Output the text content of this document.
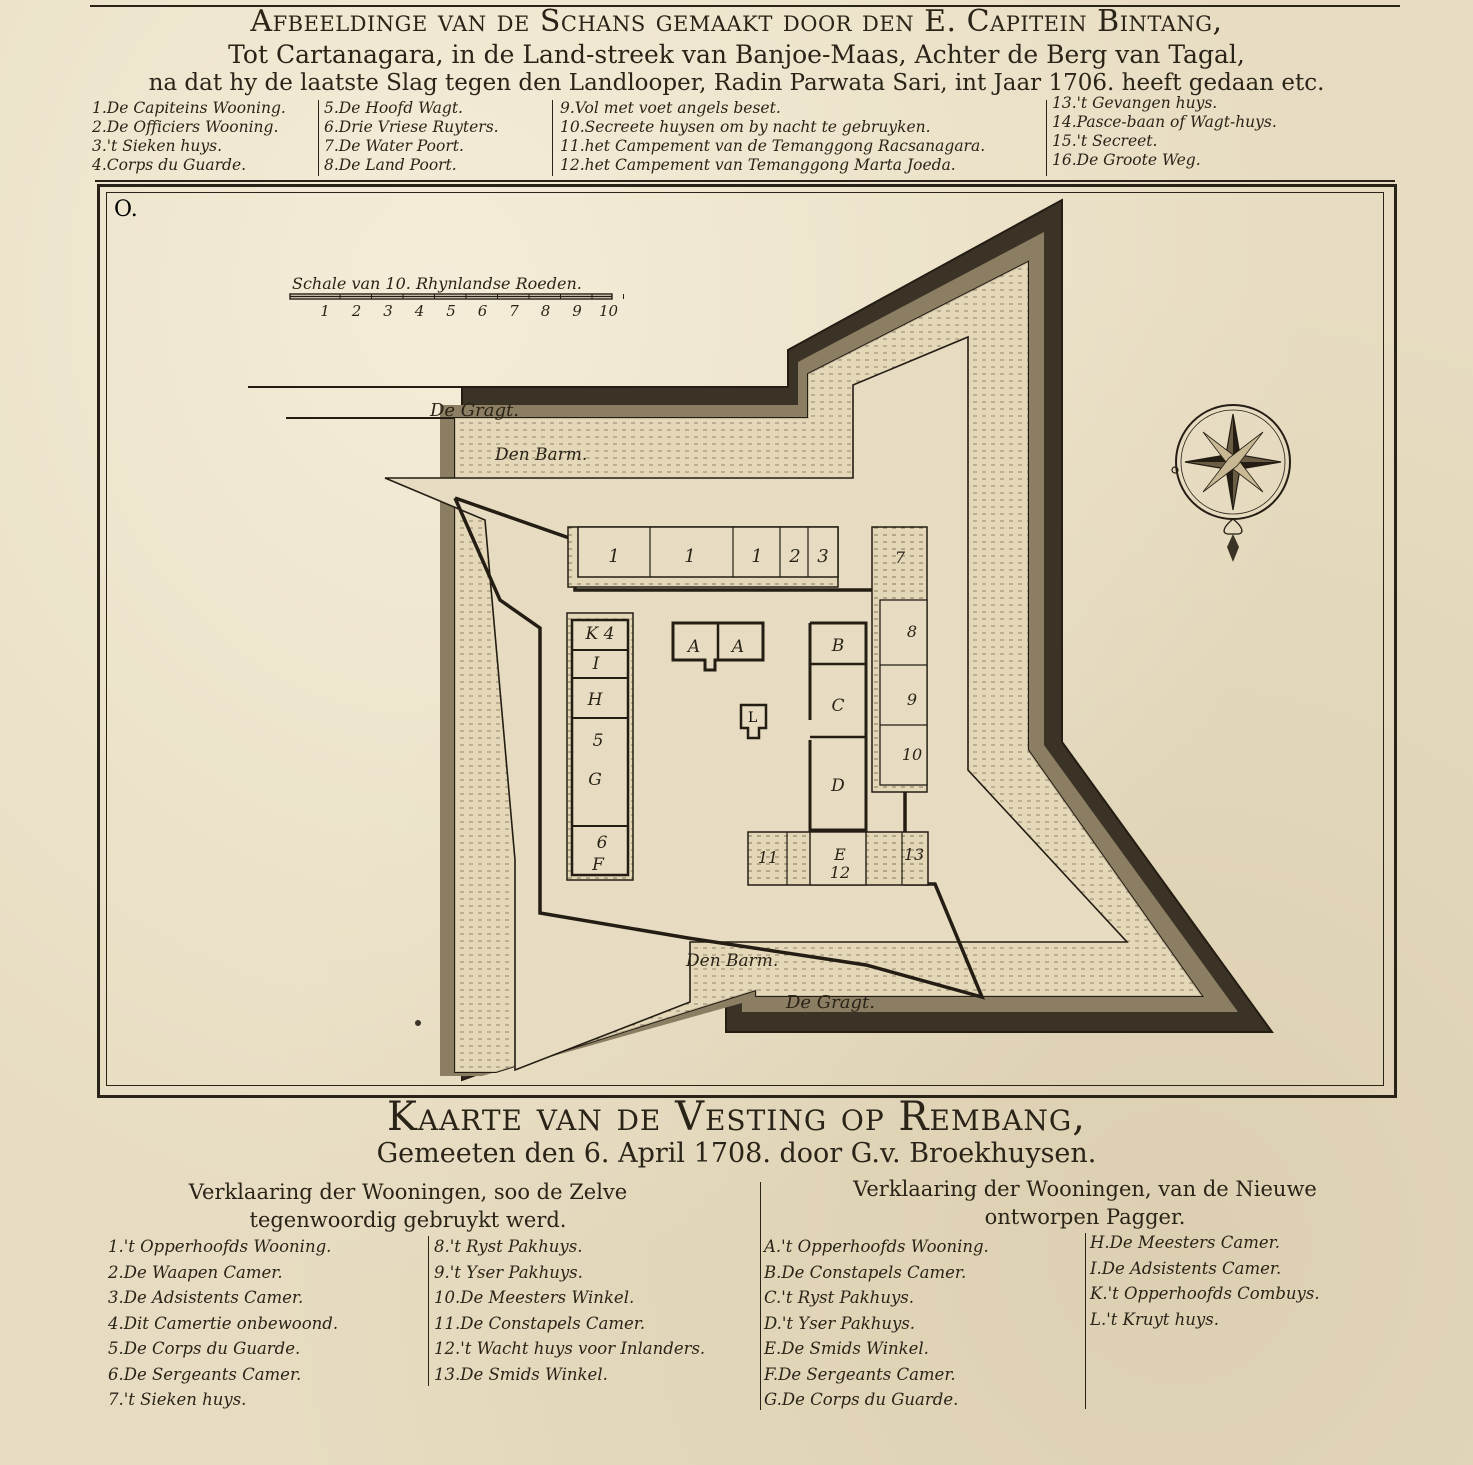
Afbeeldinge van de Schans gemaakt door den E. Capitein Bintang,
Tot Cartanagara, in de Land-streek van Banjoe-Maas, Achter de Berg van Tagal,
na dat hy de laatste Slag tegen den Landlooper, Radin Parwata Sari, int Jaar 1706. heeft gedaan etc.
1.De Capiteins Wooning.
2.De Officiers Wooning.
3.'t Sieken huys.
4.Corps du Guarde.
5.De Hoofd Wagt.
6.Drie Vriese Ruyters.
7.De Water Poort.
8.De Land Poort.
9.Vol met voet angels beset.
10.Secreete huysen om by nacht te gebruyken.
11.het Campement van de Temanggong Racsanagara.
12.het Campement van Temanggong Marta Joeda.
13.'t Gevangen huys.
14.Pasce-baan of Wagt-huys.
15.'t Secreet.
16.De Groote Weg.
De Gragt.
Den Barm.
Den Barm.
De Gragt.
O.
Schale van 10. Rhynlandse Roeden.
1 2 3 4 5 6 7 8 9 10
1	1	1 2 3	7
8
9
10
K 4
I
H
5
G
6
F
A A
L
B
C
D
11	E
12
13
Kaarte van de Vesting op Rembang,
Gemeeten den 6. April 1708. door G.v. Broekhuysen.
Verklaaring der Wooningen, soo de Zelve
tegenwoordig gebruykt werd.
Verklaaring der Wooningen, van de Nieuwe
ontworpen Pagger.
1.'t Opperhoofds Wooning.
2.De Waapen Camer.
3.De Adsistents Camer.
4.Dit Camertie onbewoond.
5.De Corps du Guarde.
6.De Sergeants Camer.
7.'t Sieken huys.
8.'t Ryst Pakhuys.
9.'t Yser Pakhuys.
10.De Meesters Winkel.
11.De Constapels Camer.
12.'t Wacht huys voor Inlanders.
13.De Smids Winkel.
A.'t Opperhoofds Wooning.
B.De Constapels Camer.
C.'t Ryst Pakhuys.
D.'t Yser Pakhuys.
E.De Smids Winkel.
F.De Sergeants Camer.
G.De Corps du Guarde.
H.De Meesters Camer.
I.De Adsistents Camer.
K.'t Opperhoofds Combuys.
L.'t Kruyt huys.
